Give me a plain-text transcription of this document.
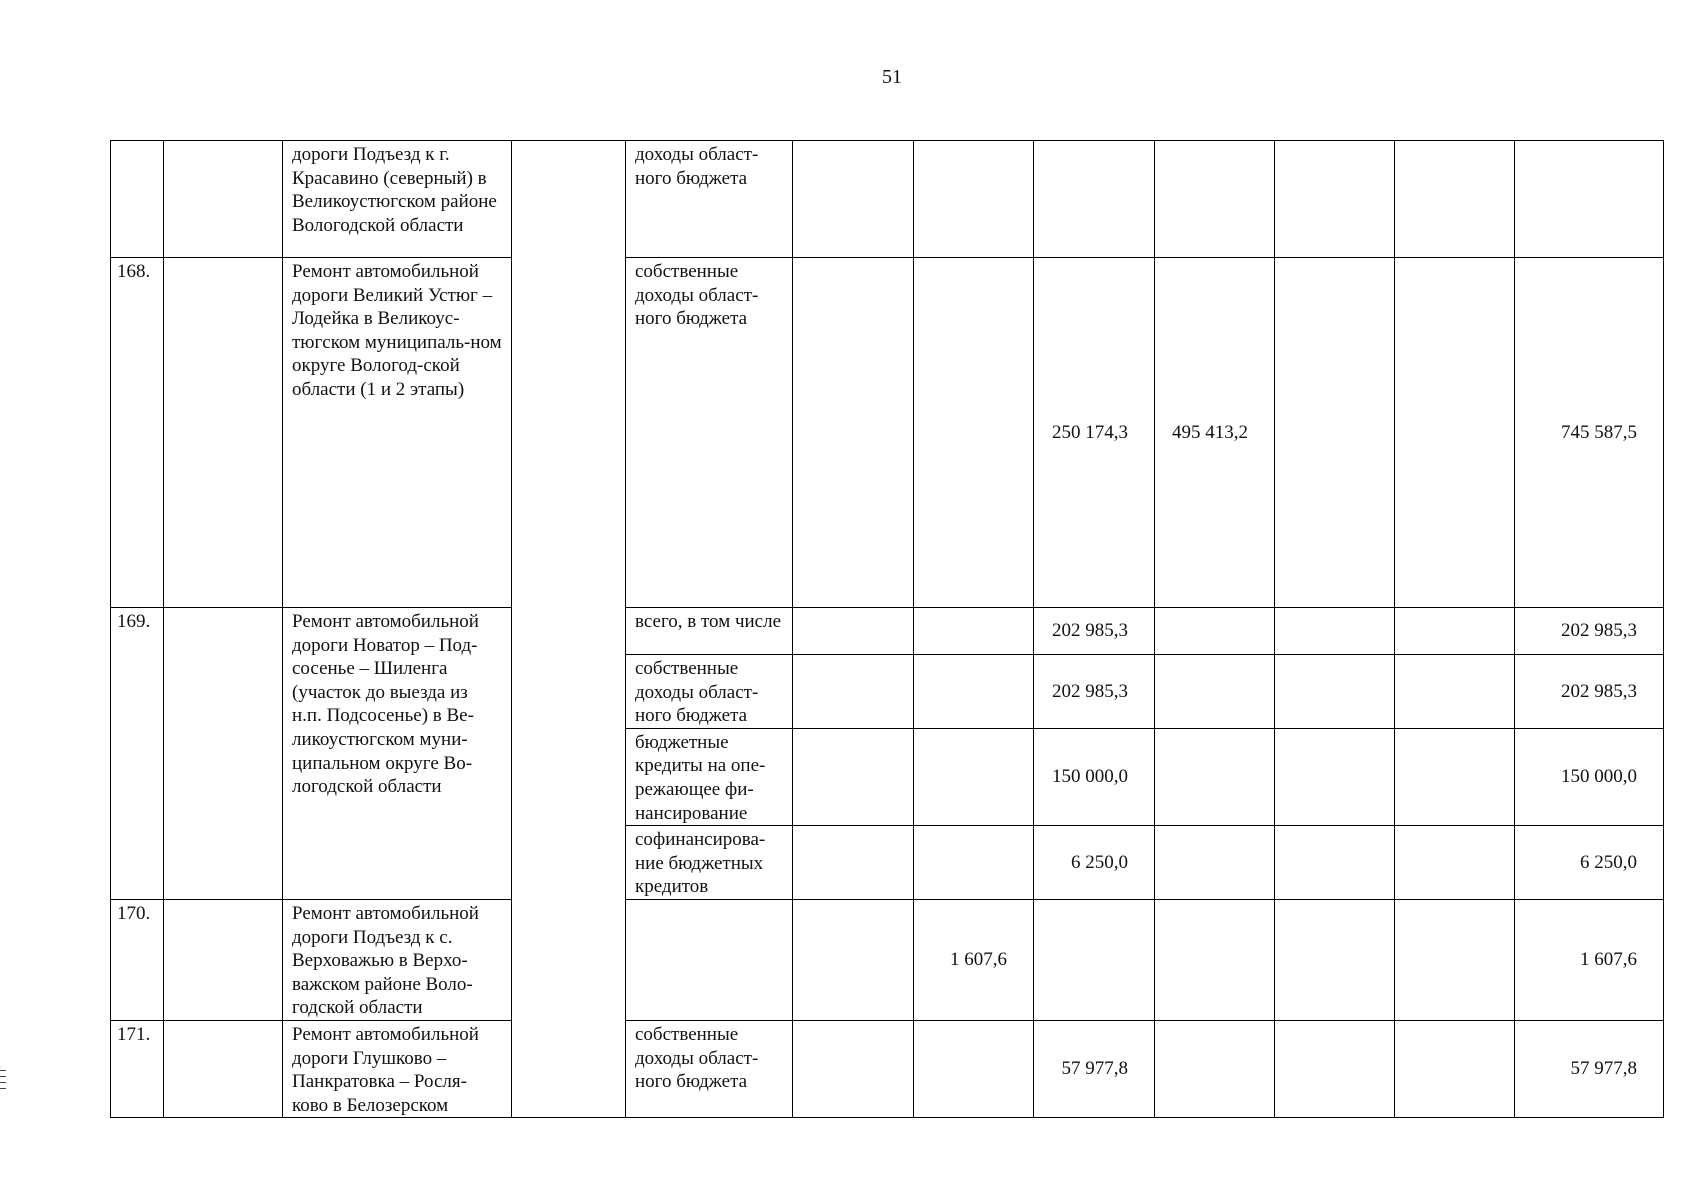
51
		дороги Подъезд к г. Красавино (северный) в Великоустюгском районе Вологодской области		доходы област-ного бюджета							
168.		Ремонт автомобильной дороги Великий Устюг – Лодейка в Великоус-тюгском муниципаль-ном округе Вологод-ской области (1 и 2 этапы)		собственные доходы област-ного бюджета			250 174,3	495 413,2			745 587,5
169.		Ремонт автомобильной дороги Новатор – Под-сосенье – Шиленга (участок до выезда из н.п. Подсосенье) в Ве-ликоустюгском муни-ципальном округе Во-логодской области		всего, в том числе			202 985,3				202 985,3
				собственные доходы област-ного бюджета			202 985,3				202 985,3
				бюджетные кредиты на опе-режающее фи-нансирование			150 000,0				150 000,0
				софинансирова-ние бюджетных кредитов			6 250,0				6 250,0
170.		Ремонт автомобильной дороги Подъезд к с. Верховажью в Верхо-важском районе Воло-годской области				1 607,6					1 607,6
171.		Ремонт автомобильной дороги Глушково – Панкратовка – Росля-ково в Белозерском		собственные доходы област-ного бюджета			57 977,8				57 977,8
